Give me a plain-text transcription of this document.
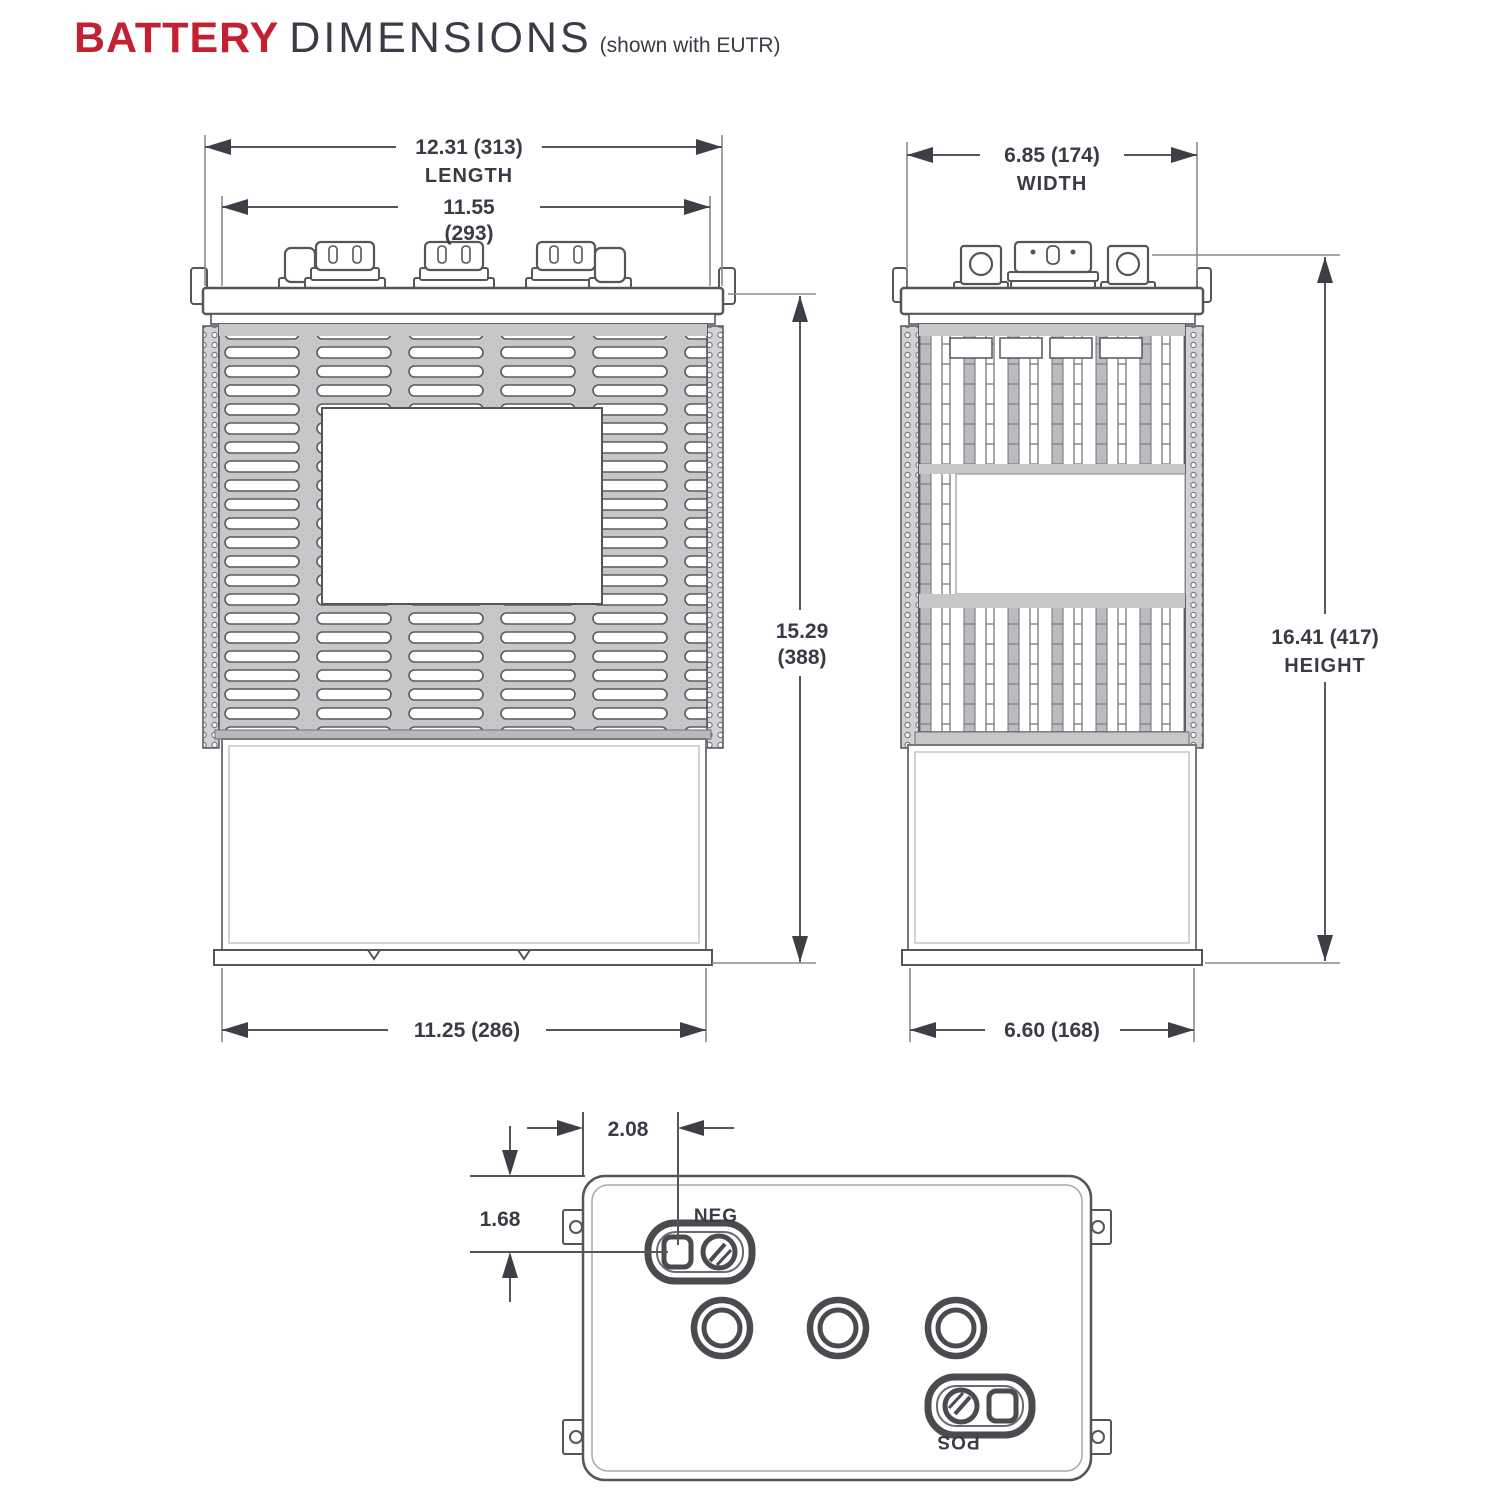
BATTERY DIMENSIONS (shown with EUTR)
NEG
POS
12.31 (313)
LENGTH
11.55
(293)
15.29
(388)
11.25 (286)
6.85 (174)
WIDTH
16.41 (417)
HEIGHT
6.60 (168)
2.08
1.68
